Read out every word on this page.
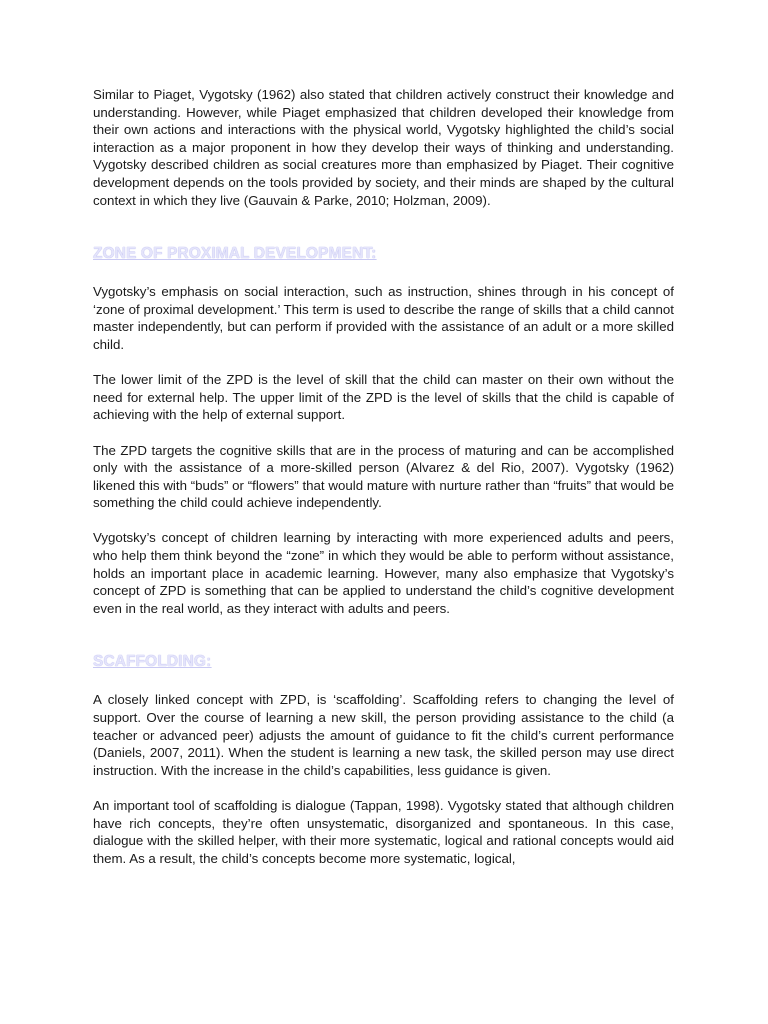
Similar to Piaget, Vygotsky (1962) also stated that children actively construct their knowledge and understanding. However, while Piaget emphasized that children developed their knowledge from their own actions and interactions with the physical world, Vygotsky highlighted the child’s social interaction as a major proponent in how they develop their ways of thinking and understanding. Vygotsky described children as social creatures more than emphasized by Piaget. Their cognitive development depends on the tools provided by society, and their minds are shaped by the cultural context in which they live (Gauvain & Parke, 2010; Holzman, 2009).

ZONE OF PROXIMAL DEVELOPMENT:

Vygotsky’s emphasis on social interaction, such as instruction, shines through in his concept of ‘zone of proximal development.’ This term is used to describe the range of skills that a child cannot master independently, but can perform if provided with the assistance of an adult or a more skilled child.

The lower limit of the ZPD is the level of skill that the child can master on their own without the need for external help. The upper limit of the ZPD is the level of skills that the child is capable of achieving with the help of external support.

The ZPD targets the cognitive skills that are in the process of maturing and can be accomplished only with the assistance of a more-skilled person (Alvarez & del Rio, 2007). Vygotsky (1962) likened this with “buds” or “flowers” that would mature with nurture rather than “fruits” that would be something the child could achieve independently.

Vygotsky’s concept of children learning by interacting with more experienced adults and peers, who help them think beyond the “zone” in which they would be able to perform without assistance, holds an important place in academic learning. However, many also emphasize that Vygotsky’s concept of ZPD is something that can be applied to understand the child’s cognitive development even in the real world, as they interact with adults and peers.

SCAFFOLDING:

A closely linked concept with ZPD, is ‘scaffolding’. Scaffolding refers to changing the level of support. Over the course of learning a new skill, the person providing assistance to the child (a teacher or advanced peer) adjusts the amount of guidance to fit the child’s current performance (Daniels, 2007, 2011). When the student is learning a new task, the skilled person may use direct instruction. With the increase in the child’s capabilities, less guidance is given.

An important tool of scaffolding is dialogue (Tappan, 1998). Vygotsky stated that although children have rich concepts, they’re often unsystematic, disorganized and spontaneous. In this case, dialogue with the skilled helper, with their more systematic, logical and rational concepts would aid them. As a result, the child’s concepts become more systematic, logical,
